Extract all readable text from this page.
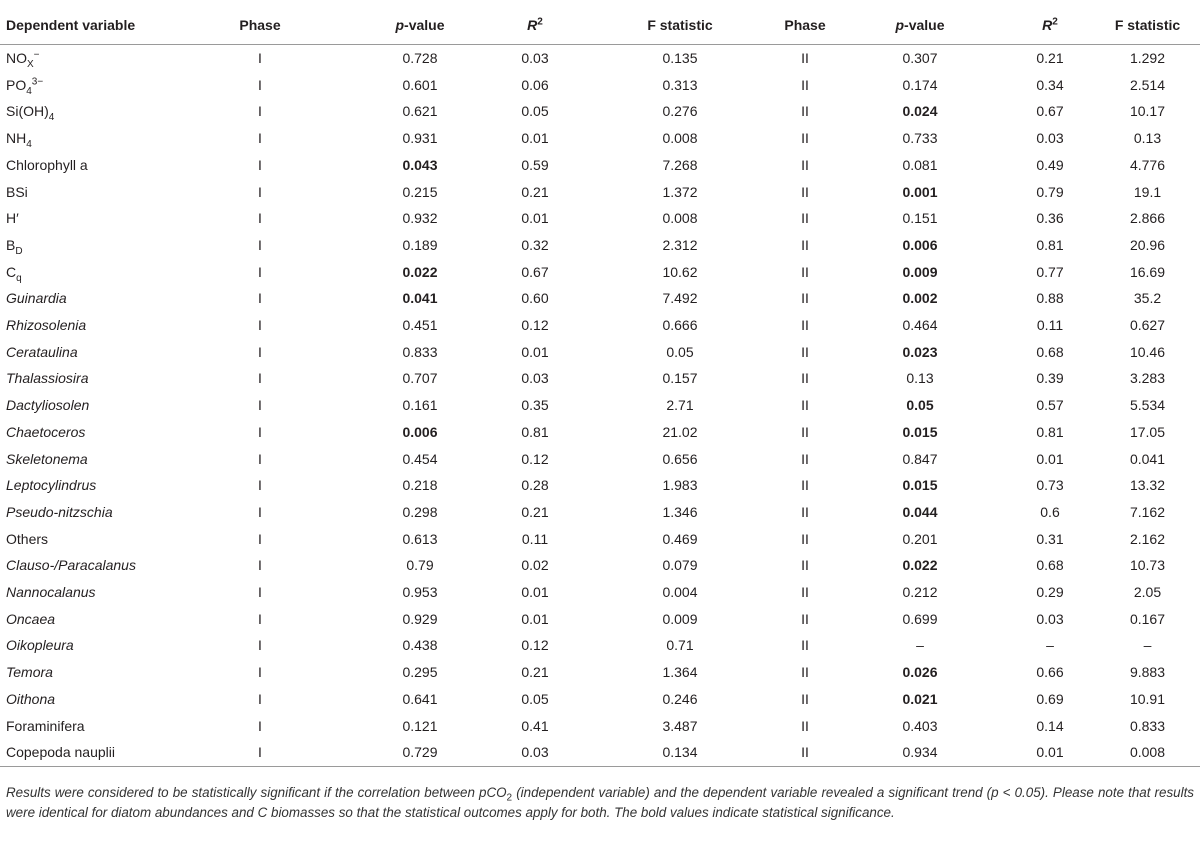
Dependent variable	Phase	p-value	$R^2$	F statistic	Phase	p-value	$R^2$	F statistic
$NO_X^-$	I	0.728	0.03	0.135	II	0.307	0.21	1.292
$PO_4^{3-}$	I	0.601	0.06	0.313	II	0.174	0.34	2.514
$Si(OH)_4$	I	0.621	0.05	0.276	II	0.024	0.67	10.17
$NH_4$	I	0.931	0.01	0.008	II	0.733	0.03	0.13
Chlorophyll a	I	0.043	0.59	7.268	II	0.081	0.49	4.776
BSi	I	0.215	0.21	1.372	II	0.001	0.79	19.1
H′	I	0.932	0.01	0.008	II	0.151	0.36	2.866
$B_D$	I	0.189	0.32	2.312	II	0.006	0.81	20.96
$C_q$	I	0.022	0.67	10.62	II	0.009	0.77	16.69
Guinardia	I	0.041	0.60	7.492	II	0.002	0.88	35.2
Rhizosolenia	I	0.451	0.12	0.666	II	0.464	0.11	0.627
Cerataulina	I	0.833	0.01	0.05	II	0.023	0.68	10.46
Thalassiosira	I	0.707	0.03	0.157	II	0.13	0.39	3.283
Dactyliosolen	I	0.161	0.35	2.71	II	0.05	0.57	5.534
Chaetoceros	I	0.006	0.81	21.02	II	0.015	0.81	17.05
Skeletonema	I	0.454	0.12	0.656	II	0.847	0.01	0.041
Leptocylindrus	I	0.218	0.28	1.983	II	0.015	0.73	13.32
Pseudo-nitzschia	I	0.298	0.21	1.346	II	0.044	0.6	7.162
Others	I	0.613	0.11	0.469	II	0.201	0.31	2.162
Clauso-/Paracalanus	I	0.79	0.02	0.079	II	0.022	0.68	10.73
Nannocalanus	I	0.953	0.01	0.004	II	0.212	0.29	2.05
Oncaea	I	0.929	0.01	0.009	II	0.699	0.03	0.167
Oikopleura	I	0.438	0.12	0.71	II	–	–	–
Temora	I	0.295	0.21	1.364	II	0.026	0.66	9.883
Oithona	I	0.641	0.05	0.246	II	0.021	0.69	10.91
Foraminifera	I	0.121	0.41	3.487	II	0.403	0.14	0.833
Copepoda nauplii	I	0.729	0.03	0.134	II	0.934	0.01	0.008
Results were considered to be statistically significant if the correlation between pCO$_2$ (independent variable) and the dependent variable revealed a significant trend (p < 0.05). Please note that results were identical for diatom abundances and C biomasses so that the statistical outcomes apply for both. The bold values indicate statistical significance.
